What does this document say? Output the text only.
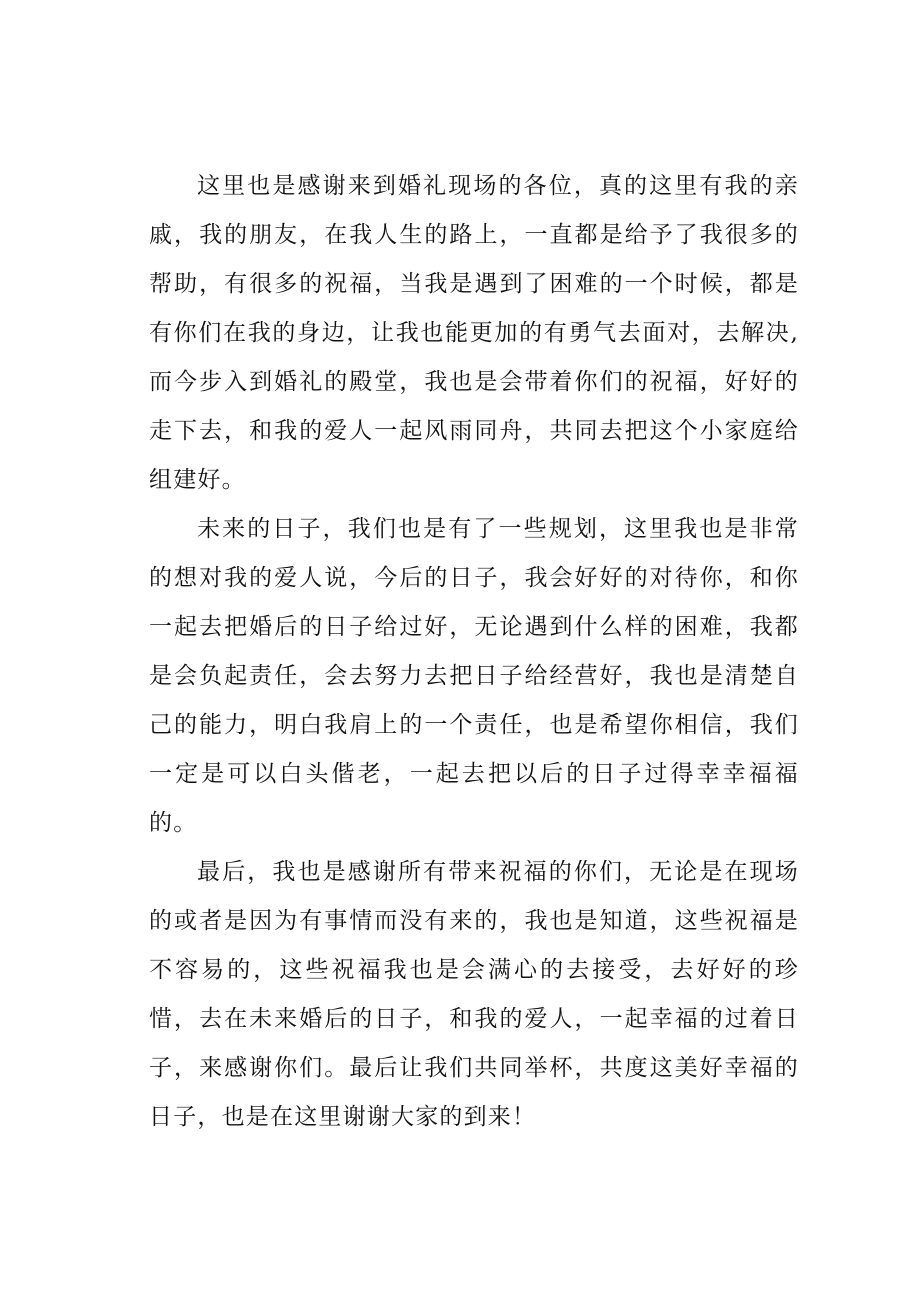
这里也是感谢来到婚礼现场的各位，真的这里有我的亲戚，我的朋友，在我人生的路上，一直都是给予了我很多的帮助，有很多的祝福，当我是遇到了困难的一个时候，都是有你们在我的身边，让我也能更加的有勇气去面对，去解决,而今步入到婚礼的殿堂，我也是会带着你们的祝福，好好的走下去，和我的爱人一起风雨同舟，共同去把这个小家庭给组建好。

未来的日子，我们也是有了一些规划，这里我也是非常的想对我的爱人说，今后的日子，我会好好的对待你，和你一起去把婚后的日子给过好，无论遇到什么样的困难，我都是会负起责任，会去努力去把日子给经营好，我也是清楚自己的能力，明白我肩上的一个责任，也是希望你相信，我们一定是可以白头偕老，一起去把以后的日子过得幸幸福福的。

最后，我也是感谢所有带来祝福的你们，无论是在现场的或者是因为有事情而没有来的，我也是知道，这些祝福是不容易的，这些祝福我也是会满心的去接受，去好好的珍惜，去在未来婚后的日子，和我的爱人，一起幸福的过着日子，来感谢你们。最后让我们共同举杯，共度这美好幸福的日子，也是在这里谢谢大家的到来！
